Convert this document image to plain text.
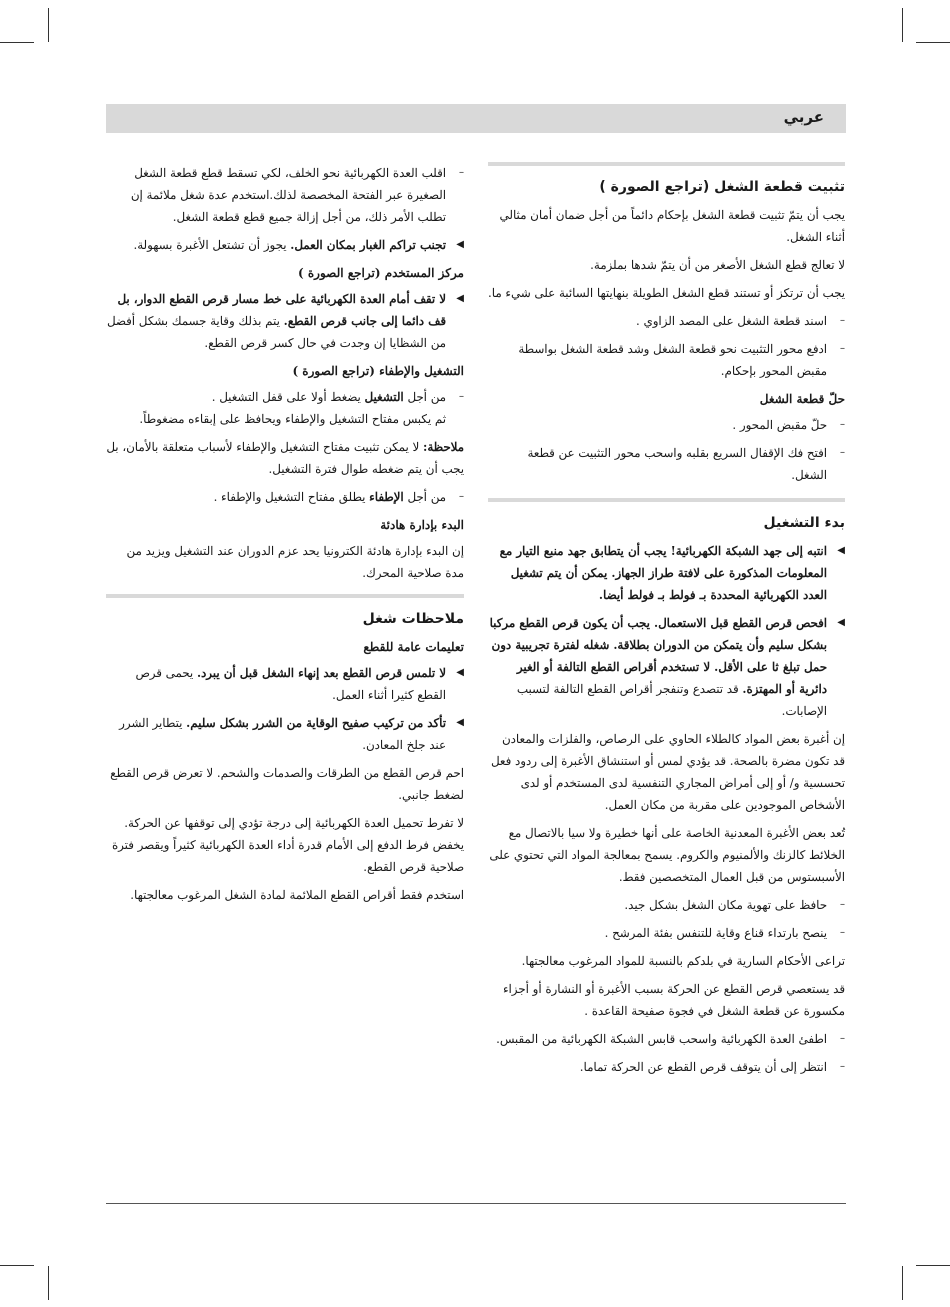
عربي
تثبيت قطعة الشغل (تراجع الصورة )

يجب أن يتمّ تثبيت قطعة الشغل بإحكام دائماً من أجل ضمان أمان مثالي أثناء الشغل.

لا تعالج قطع الشغل الأصغر من أن يتمّ شدها بملزمة.

يجب أن ترتكز أو تستند قطع الشغل الطويلة بنهايتها السائبة على شيء ما.

–
اسند قطعة الشغل على المصد الزاوي .
–
ادفع محور التثبيت نحو قطعة الشغل وشد قطعة الشغل بواسطة مقبض المحور بإحكام.
حلّ قطعة الشغل
–
حلّ مقبض المحور .
–
افتح فك الإقفال السريع بقلبه واسحب محور التثبيت عن قطعة الشغل.
بدء التشغيل
◀
انتبه إلى جهد الشبكة الكهربائية! يجب أن يتطابق جهد منبع التيار مع المعلومات المذكورة على لافتة طراز الجهاز. يمكن أن يتم تشغيل العدد الكهربائية المحددة بـ فولط بـ فولط أيضا.
◀
افحص قرص القطع قبل الاستعمال. يجب أن يكون قرص القطع مركبا بشكل سليم وأن يتمكن من الدوران بطلاقة. شغله لفترة تجريبية دون حمل تبلغ ثا على الأقل. لا تستخدم أقراص القطع التالفة أو الغير دائرية أو المهتزة. قد تتصدع وتنفجر أقراص القطع التالفة لتسبب الإصابات.

إن أغبرة بعض المواد كالطلاء الحاوي على الرصاص، والفلزات والمعادن قد تكون مضرة بالصحة. قد يؤدي لمس أو استنشاق الأغبرة إلى ردود فعل تحسسية و/ أو إلى أمراض المجاري التنفسية لدى المستخدم أو لدى الأشخاص الموجودين على مقربة من مكان العمل.

تُعد بعض الأغبرة المعدنية الخاصة على أنها خطيرة ولا سيا بالاتصال مع الخلائط كالزنك والألمنيوم والكروم. يسمح بمعالجة المواد التي تحتوي على الأسبستوس من قبل العمال المتخصصين فقط.

–
حافظ على تهوية مكان الشغل بشكل جيد.
–
ينصح بارتداء قناع وقاية للتنفس بفئة المرشح .

تراعى الأحكام السارية في بلدكم بالنسبة للمواد المرغوب معالجتها.

قد يستعصي قرص القطع عن الحركة بسبب الأغبرة أو النشارة أو أجزاء مكسورة عن قطعة الشغل في فجوة صفيحة القاعدة .

–
اطفئ العدة الكهربائية واسحب قابس الشبكة الكهربائية من المقبس.
–
انتظر إلى أن يتوقف قرص القطع عن الحركة تماما.
–
اقلب العدة الكهربائية نحو الخلف، لكي تسقط قطع قطعة الشغل الصغيرة عبر الفتحة المخصصة لذلك.استخدم عدة شغل ملائمة إن تطلب الأمر ذلك، من أجل إزالة جميع قطع قطعة الشغل.
◀
تجنب تراكم الغبار بمكان العمل. يجوز أن تشتعل الأغبرة بسهولة.
مركز المستخدم (تراجع الصورة )
◀
لا تقف أمام العدة الكهربائية على خط مسار قرص القطع الدوار، بل قف دائما إلى جانب قرص القطع. يتم بذلك وقاية جسمك بشكل أفضل من الشظايا إن وجدت في حال كسر قرص القطع.
التشغيل والإطفاء (تراجع الصورة )
–
من أجل التشغيل يضغط أولا على قفل التشغيل .
ثم يكبس مفتاح التشغيل والإطفاء ويحافظ على إبقاءه مضغوطاً.

ملاحظة: لا يمكن تثبيت مفتاح التشغيل والإطفاء لأسباب متعلقة بالأمان، بل يجب أن يتم ضغطه طوال فترة التشغيل.

–
من أجل الإطفاء يطلق مفتاح التشغيل والإطفاء .
البدء بإدارة هادئة

إن البدء بإدارة هادئة الكترونيا يحد عزم الدوران عند التشغيل ويزيد من مدة صلاحية المحرك.

ملاحظات شغل
تعليمات عامة للقطع
◀
لا تلمس قرص القطع بعد إنهاء الشغل قبل أن يبرد. يحمى قرص القطع كثيرا أثناء العمل.
◀
تأكد من تركيب صفيح الوقاية من الشرر بشكل سليم. يتطاير الشرر عند جلخ المعادن.

احم قرص القطع من الطرقات والصدمات والشحم. لا تعرض قرص القطع لضغط جانبي.

لا تفرط تحميل العدة الكهربائية إلى درجة تؤدي إلى توقفها عن الحركة. يخفض فرط الدفع إلى الأمام قدرة أداء العدة الكهربائية كثيراً ويقصر فترة صلاحية قرص القطع.

استخدم فقط أقراص القطع الملائمة لمادة الشغل المرغوب معالجتها.
